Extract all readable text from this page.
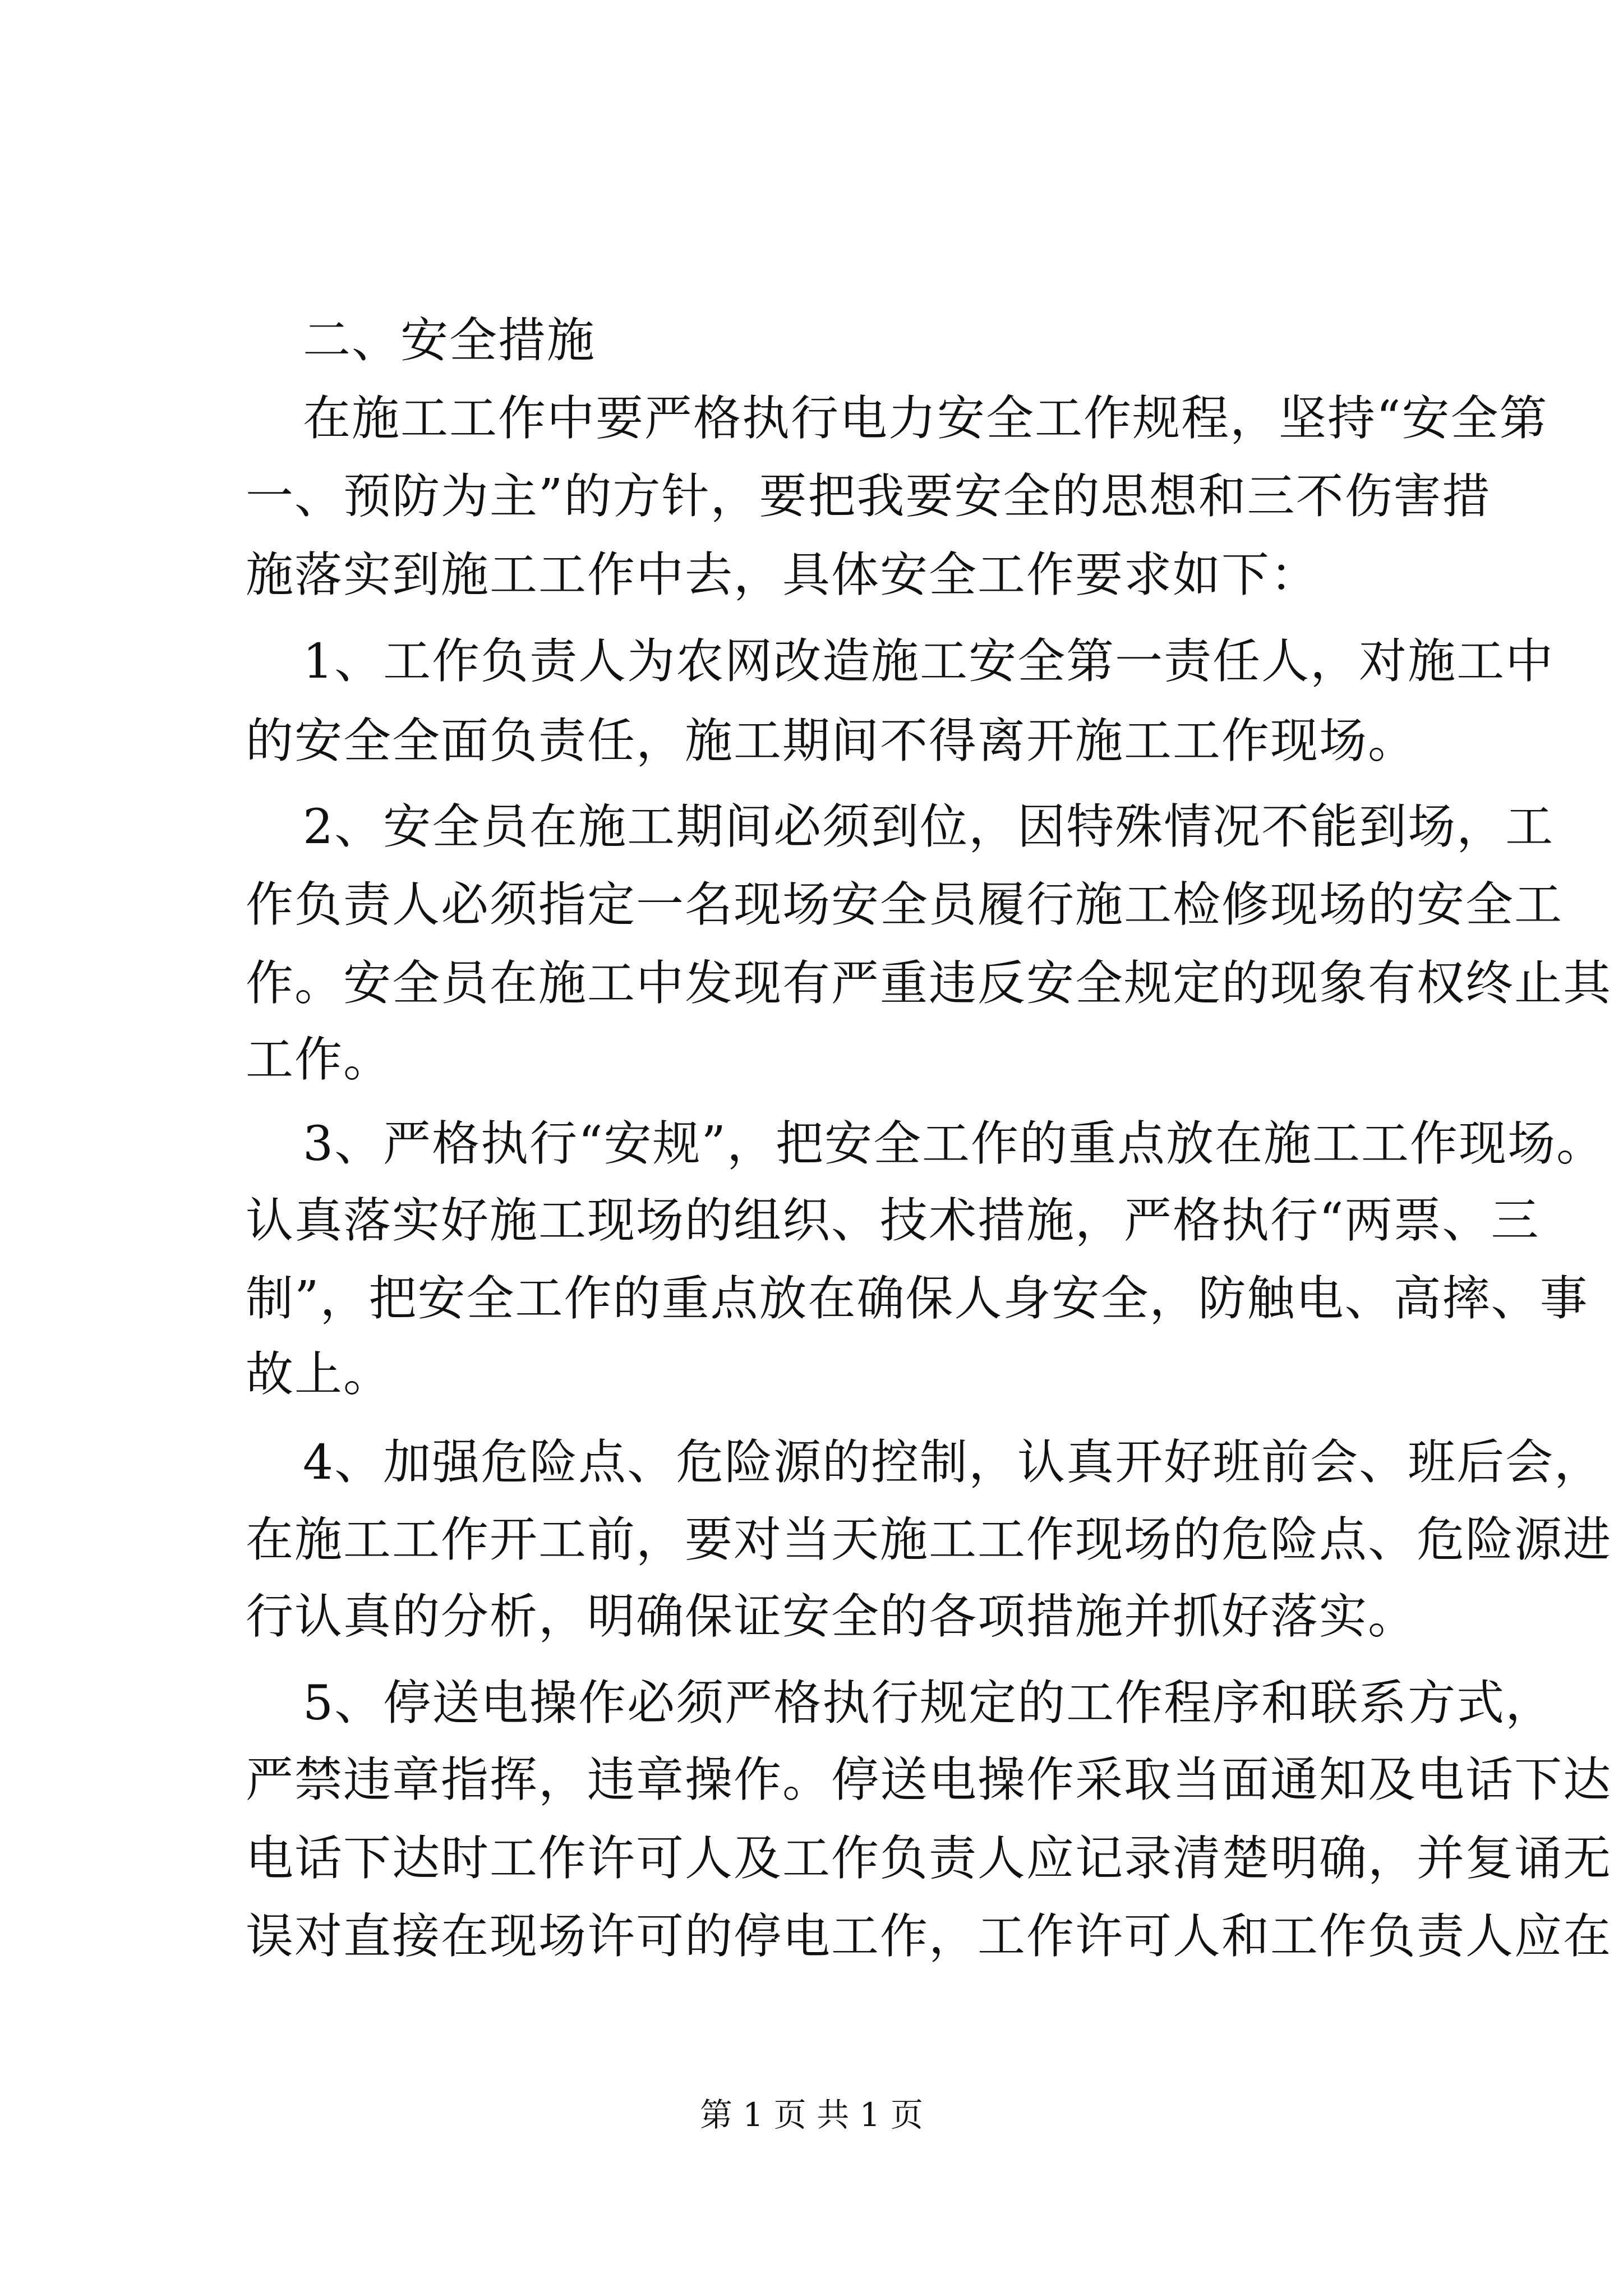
二、安全措施
在施工工作中要严格执行电力安全工作规程，坚持“安全第
一、预防为主”的方针，要把我要安全的思想和三不伤害措
施落实到施工工作中去，具体安全工作要求如下：
1、工作负责人为农网改造施工安全第一责任人，对施工中
的安全全面负责任，施工期间不得离开施工工作现场。
2、安全员在施工期间必须到位，因特殊情况不能到场，工
作负责人必须指定一名现场安全员履行施工检修现场的安全工
作。安全员在施工中发现有严重违反安全规定的现象有权终止其
工作。
3、严格执行“安规”，把安全工作的重点放在施工工作现场。
认真落实好施工现场的组织、技术措施，严格执行“两票、三
制”，把安全工作的重点放在确保人身安全，防触电、高摔、事
故上。
4、加强危险点、危险源的控制，认真开好班前会、班后会，
在施工工作开工前，要对当天施工工作现场的危险点、危险源进
行认真的分析，明确保证安全的各项措施并抓好落实。
5、停送电操作必须严格执行规定的工作程序和联系方式，
严禁违章指挥，违章操作。停送电操作采取当面通知及电话下达
电话下达时工作许可人及工作负责人应记录清楚明确，并复诵无
误对直接在现场许可的停电工作，工作许可人和工作负责人应在
第 1 页 共 1 页
